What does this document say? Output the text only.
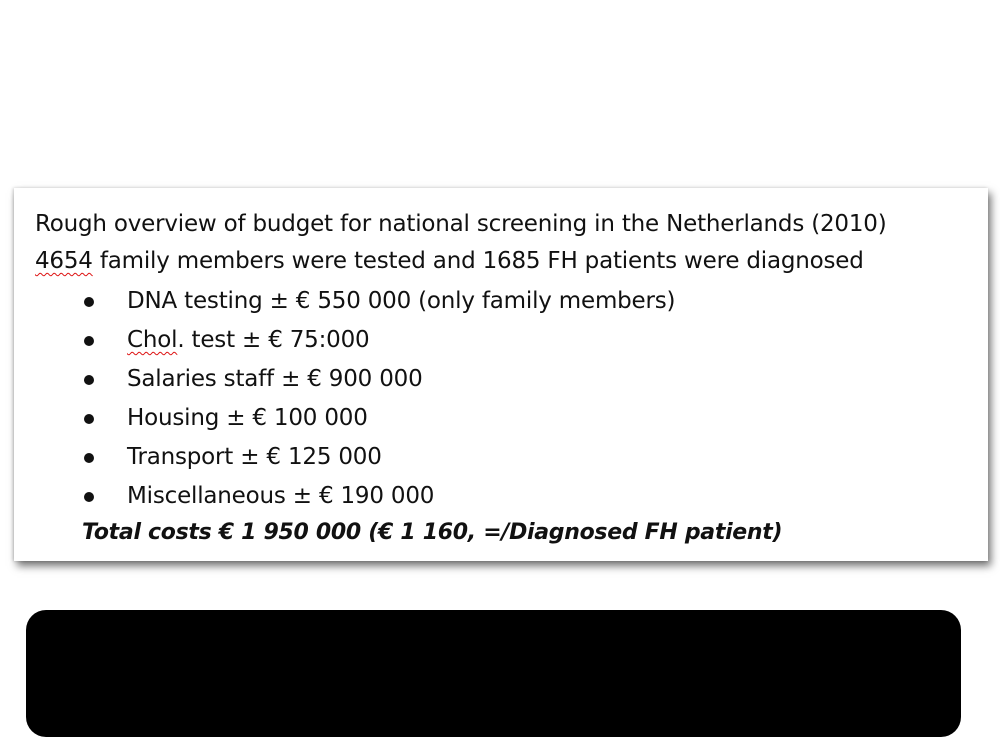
Rough overview of budget for national screening in the Netherlands (2010)
4654 family members were tested and 1685 FH patients were diagnosed
DNA testing ± € 550 000 (only family members)
Chol. test ± € 75:000
Salaries staff ± € 900 000
Housing ± € 100 000
Transport ± € 125 000
Miscellaneous ± € 190 000
Total costs € 1 950 000 (€ 1 160, =/Diagnosed FH patient)
